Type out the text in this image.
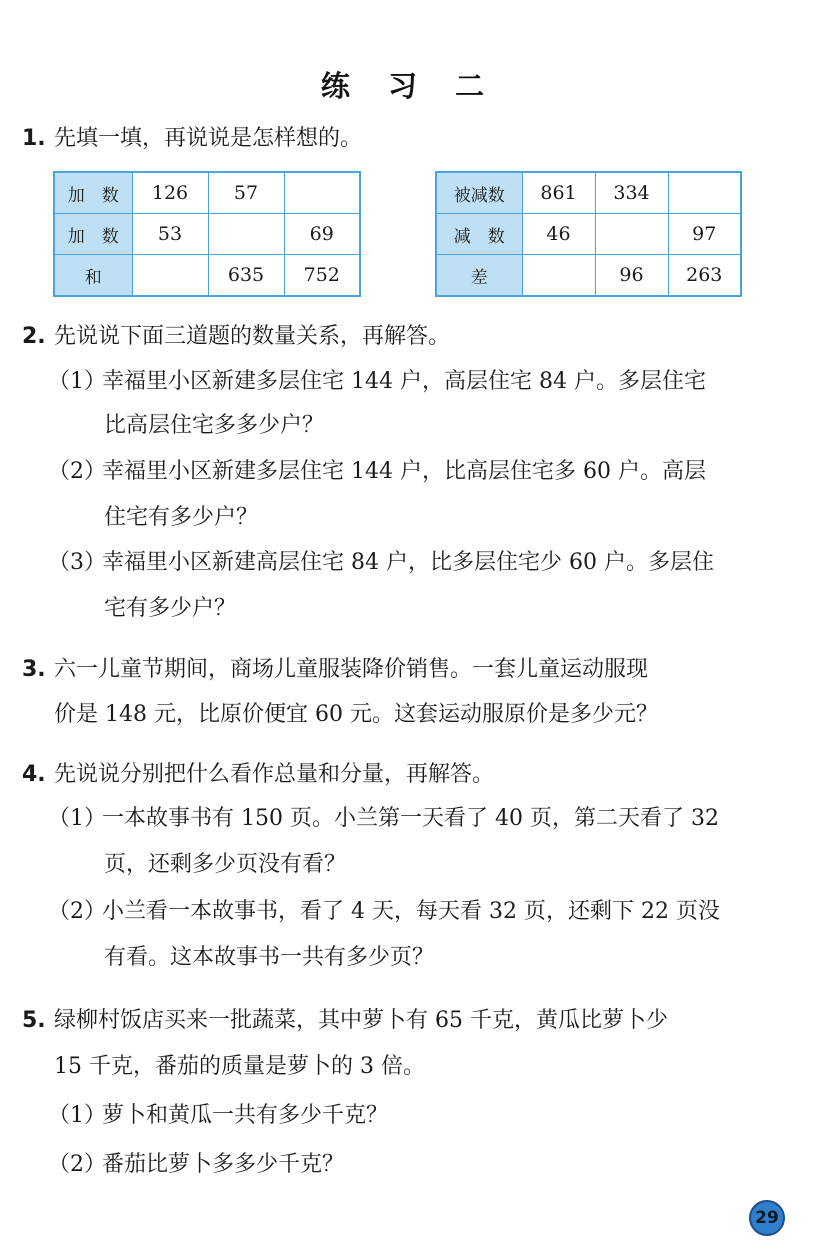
练 习 二
1. 先填一填，再说说是怎样想的。
加　数	126	57	
加　数	53		69
和		635	752
被减数	861	334	
减　数	46		97
差		96	263
2. 先说说下面三道题的数量关系，再解答。
（1）幸福里小区新建多层住宅 144 户，高层住宅 84 户。多层住宅
比高层住宅多多少户？
（2）幸福里小区新建多层住宅 144 户，比高层住宅多 60 户。高层
住宅有多少户？
（3）幸福里小区新建高层住宅 84 户，比多层住宅少 60 户。多层住
宅有多少户？
3. 六一儿童节期间，商场儿童服装降价销售。一套儿童运动服现
价是 148 元，比原价便宜 60 元。这套运动服原价是多少元？
4. 先说说分别把什么看作总量和分量，再解答。
（1）一本故事书有 150 页。小兰第一天看了 40 页，第二天看了 32
页，还剩多少页没有看？
（2）小兰看一本故事书，看了 4 天，每天看 32 页，还剩下 22 页没
有看。这本故事书一共有多少页？
5. 绿柳村饭店买来一批蔬菜，其中萝卜有 65 千克，黄瓜比萝卜少
15 千克，番茄的质量是萝卜的 3 倍。
（1）萝卜和黄瓜一共有多少千克？
（2）番茄比萝卜多多少千克？
29
